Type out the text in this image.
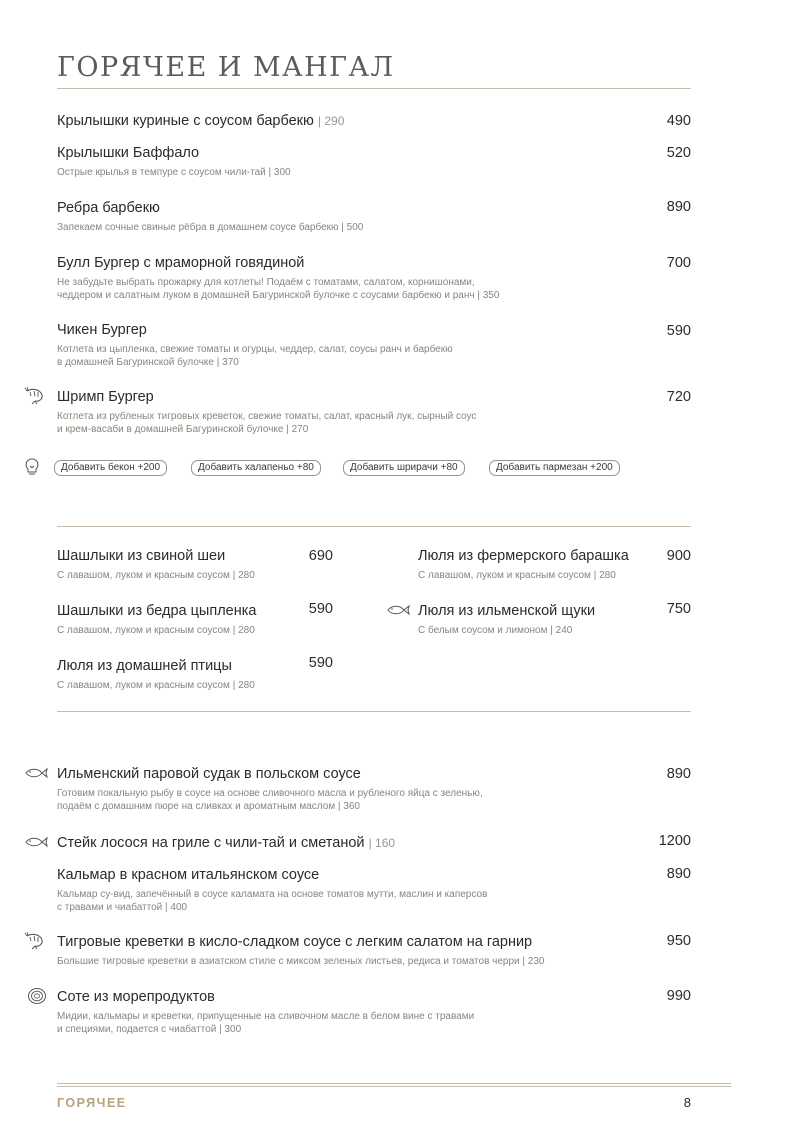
ГОРЯЧЕЕ И МАНГАЛ
Крылышки куриные с соусом барбекю | 290	490
Крылышки Баффало
Острые крылья в темпуре с соусом чили-тай | 300
520
Ребра барбекю
Запекаем сочные свиные рёбра в домашнем соусе барбекю | 500
890
Булл Бургер с мраморной говядиной
Не забудьте выбрать прожарку для котлеты! Подаём с томатами, салатом, корнишонами,
чеддером и салатным луком в домашней Багуринской булочке с соусами барбекю и ранч | 350
700
Чикен Бургер
Котлета из цыпленка, свежие томаты и огурцы, чеддер, салат, соусы ранч и барбекю
в домашней Багуринской булочке | 370
590
Шримп Бургер
Котлета из рубленых тигровых креветок, свежие томаты, салат, красный лук, сырный соус
и крем-васаби в домашней Багуринской булочке | 270
720
Добавить бекон +200	Добавить халапеньо +80	Добавить шрирачи +80	Добавить пармезан +200
Шашлыки из свиной шеи
С лавашом, луком и красным соусом | 280
690
Шашлыки из бедра цыпленка
С лавашом, луком и красным соусом | 280
590
Люля из домашней птицы
С лавашом, луком и красным соусом | 280
590
Люля из фермерского барашка
С лавашом, луком и красным соусом | 280
900
Люля из ильменской щуки
С белым соусом и лимоном | 240
750
Ильменский паровой судак в польском соусе
Готовим покальную рыбу в соусе на основе сливочного масла и рубленого яйца с зеленью,
подаём с домашним пюре на сливках и ароматным маслом | 360
890
Стейк лосося на гриле с чили-тай и сметаной | 160	1200
Кальмар в красном итальянском соусе
Кальмар су-вид, запечённый в соусе каламата на основе томатов мутти, маслин и каперсов
с травами и чиабаттой | 400
890
Тигровые креветки в кисло-сладком соусе с легким салатом на гарнир
Большие тигровые креветки в азиатском стиле с миксом зеленых листьев, редиса и томатов черри | 230
950
Соте из морепродуктов
Мидии, кальмары и креветки, припущенные на сливочном масле в белом вине с травами
и специями, подается с чиабаттой | 300
990
ГОРЯЧЕЕ	8
